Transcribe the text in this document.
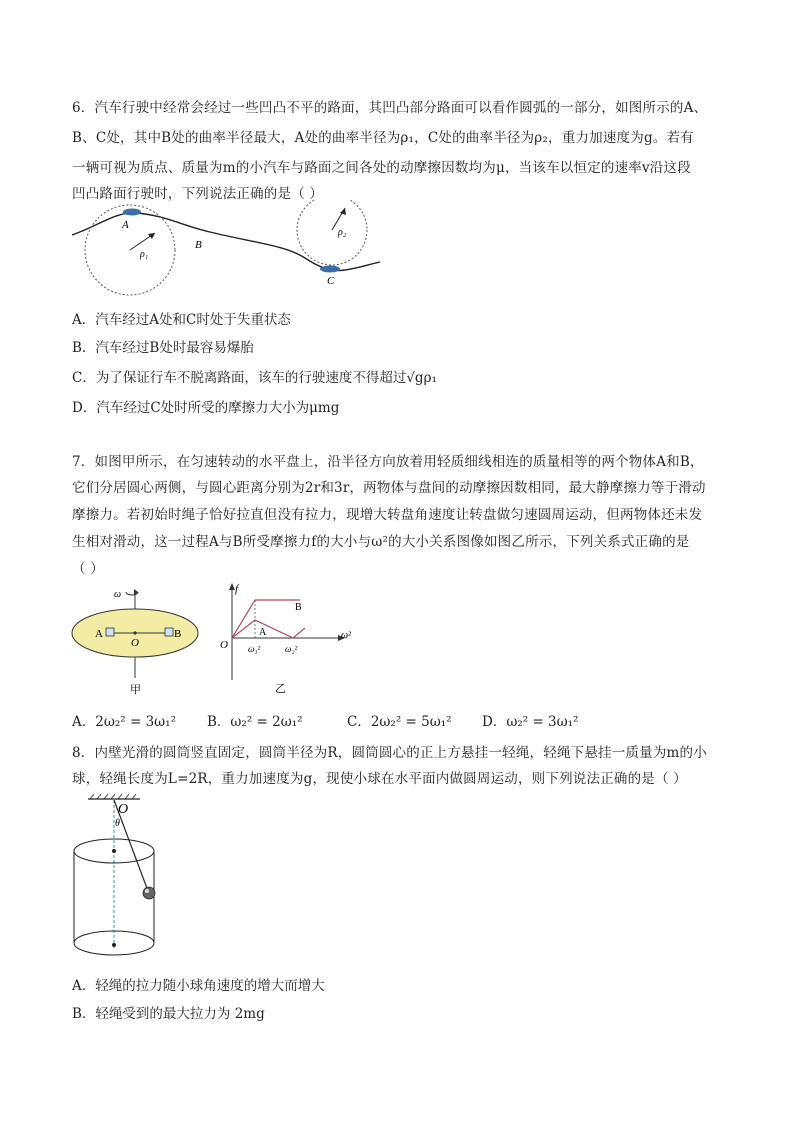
6．汽车行驶中经常会经过一些凹凸不平的路面，其凹凸部分路面可以看作圆弧的一部分，如图所示的A、
B、C处，其中B处的曲率半径最大，A处的曲率半径为ρ₁，C处的曲率半径为ρ₂，重力加速度为g。若有
一辆可视为质点、质量为m的小汽车与路面之间各处的动摩擦因数均为μ，当该车以恒定的速率v沿这段
凹凸路面行驶时，下列说法正确的是（ ）
A
B
C
ρ₁
ρ₂
A．汽车经过A处和C时处于失重状态
B．汽车经过B处时最容易爆胎
C．为了保证行车不脱离路面，该车的行驶速度不得超过√gρ₁
D．汽车经过C处时所受的摩擦力大小为μmg
7．如图甲所示，在匀速转动的水平盘上，沿半径方向放着用轻质细线相连的质量相等的两个物体A和B，
它们分居圆心两侧，与圆心距离分别为2r和3r，两物体与盘间的动摩擦因数相同，最大静摩擦力等于滑动
摩擦力。若初始时绳子恰好拉直但没有拉力，现增大转盘角速度让转盘做匀速圆周运动，但两物体还未发
生相对滑动，这一过程A与B所受摩擦力f的大小与ω²的大小关系图像如图乙所示，下列关系式正确的是
（ ）
ω
A	B
O
甲
f
O
ω²
B
A
ω₁²	ω₂²
乙
A．2ω₂² = 3ω₁² B．ω₂² = 2ω₁²	C．2ω₂² = 5ω₁² D．ω₂² = 3ω₁²
8．内壁光滑的圆筒竖直固定，圆筒半径为R，圆筒圆心的正上方悬挂一轻绳，轻绳下悬挂一质量为m的小
球，轻绳长度为L=2R，重力加速度为g，现使小球在水平面内做圆周运动，则下列说法正确的是（ ）
O
θ
A．轻绳的拉力随小球角速度的增大而增大
B．轻绳受到的最大拉力为 2mg
